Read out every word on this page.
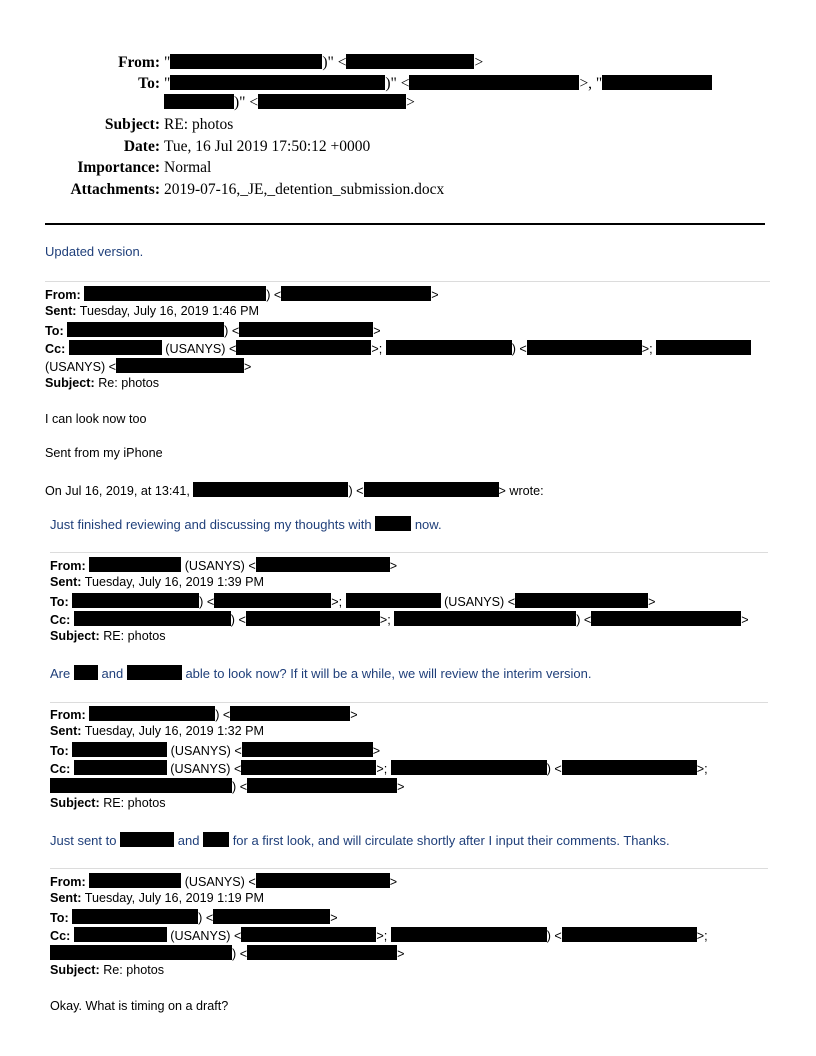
From: "	)" <	>
To: "	)" <	>, "
)" <	>
Subject: RE: photos
Date: Tue, 16 Jul 2019 17:50:12 +0000
Importance: Normal
Attachments: 2019-07-16,_JE,_detention_submission.docx
Updated version.
From:	) <	>
Sent: Tuesday, July 16, 2019 1:46 PM
To:	) <	>
Cc:	(USANYS) <	>;	) <	>;
(USANYS) <	>
Subject: Re: photos
I can look now too
Sent from my iPhone
On Jul 16, 2019, at 13:41,	) <	> wrote:
Just finished reviewing and discussing my thoughts with	now.
From:	(USANYS) <	>
Sent: Tuesday, July 16, 2019 1:39 PM
To:	) <	>;	(USANYS) <	>
Cc:	) <	>;	) <	>
Subject: RE: photos
Are and	able to look now? If it will be a while, we will review the interim version.
From:	) <	>
Sent: Tuesday, July 16, 2019 1:32 PM
To:	(USANYS) <	>
Cc:	(USANYS) <	>;	) <	>;
) <	>
Subject: RE: photos
Just sent to	and	for a first look, and will circulate shortly after I input their comments. Thanks.
From:	(USANYS) <	>
Sent: Tuesday, July 16, 2019 1:19 PM
To:	) <	>
Cc:	(USANYS) <	>;	) <	>;
) <	>
Subject: Re: photos
Okay. What is timing on a draft?
